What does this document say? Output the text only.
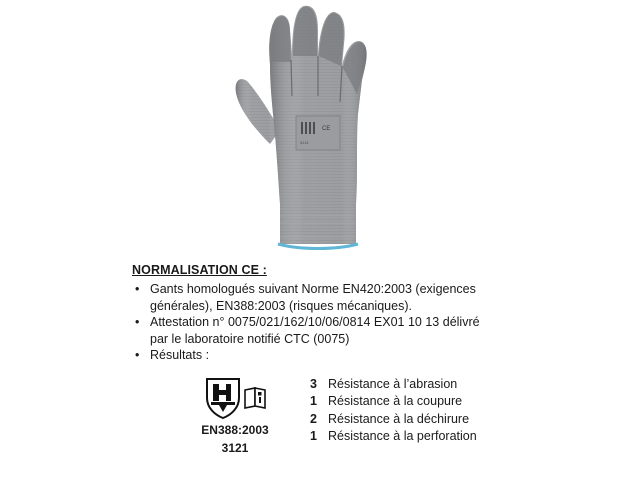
CE
3121
NORMALISATION CE :
• Gants homologués suivant Norme EN420:2003 (exigences
générales), EN388:2003 (risques mécaniques).
• Attestation n° 0075/021/162/10/06/0814 EX01 10 13 délivré
par le laboratoire notifié CTC (0075)
• Résultats :
EN388:2003
3121
3 Résistance à l’abrasion
1 Résistance à la coupure
2 Résistance à la déchirure
1 Résistance à la perforation
